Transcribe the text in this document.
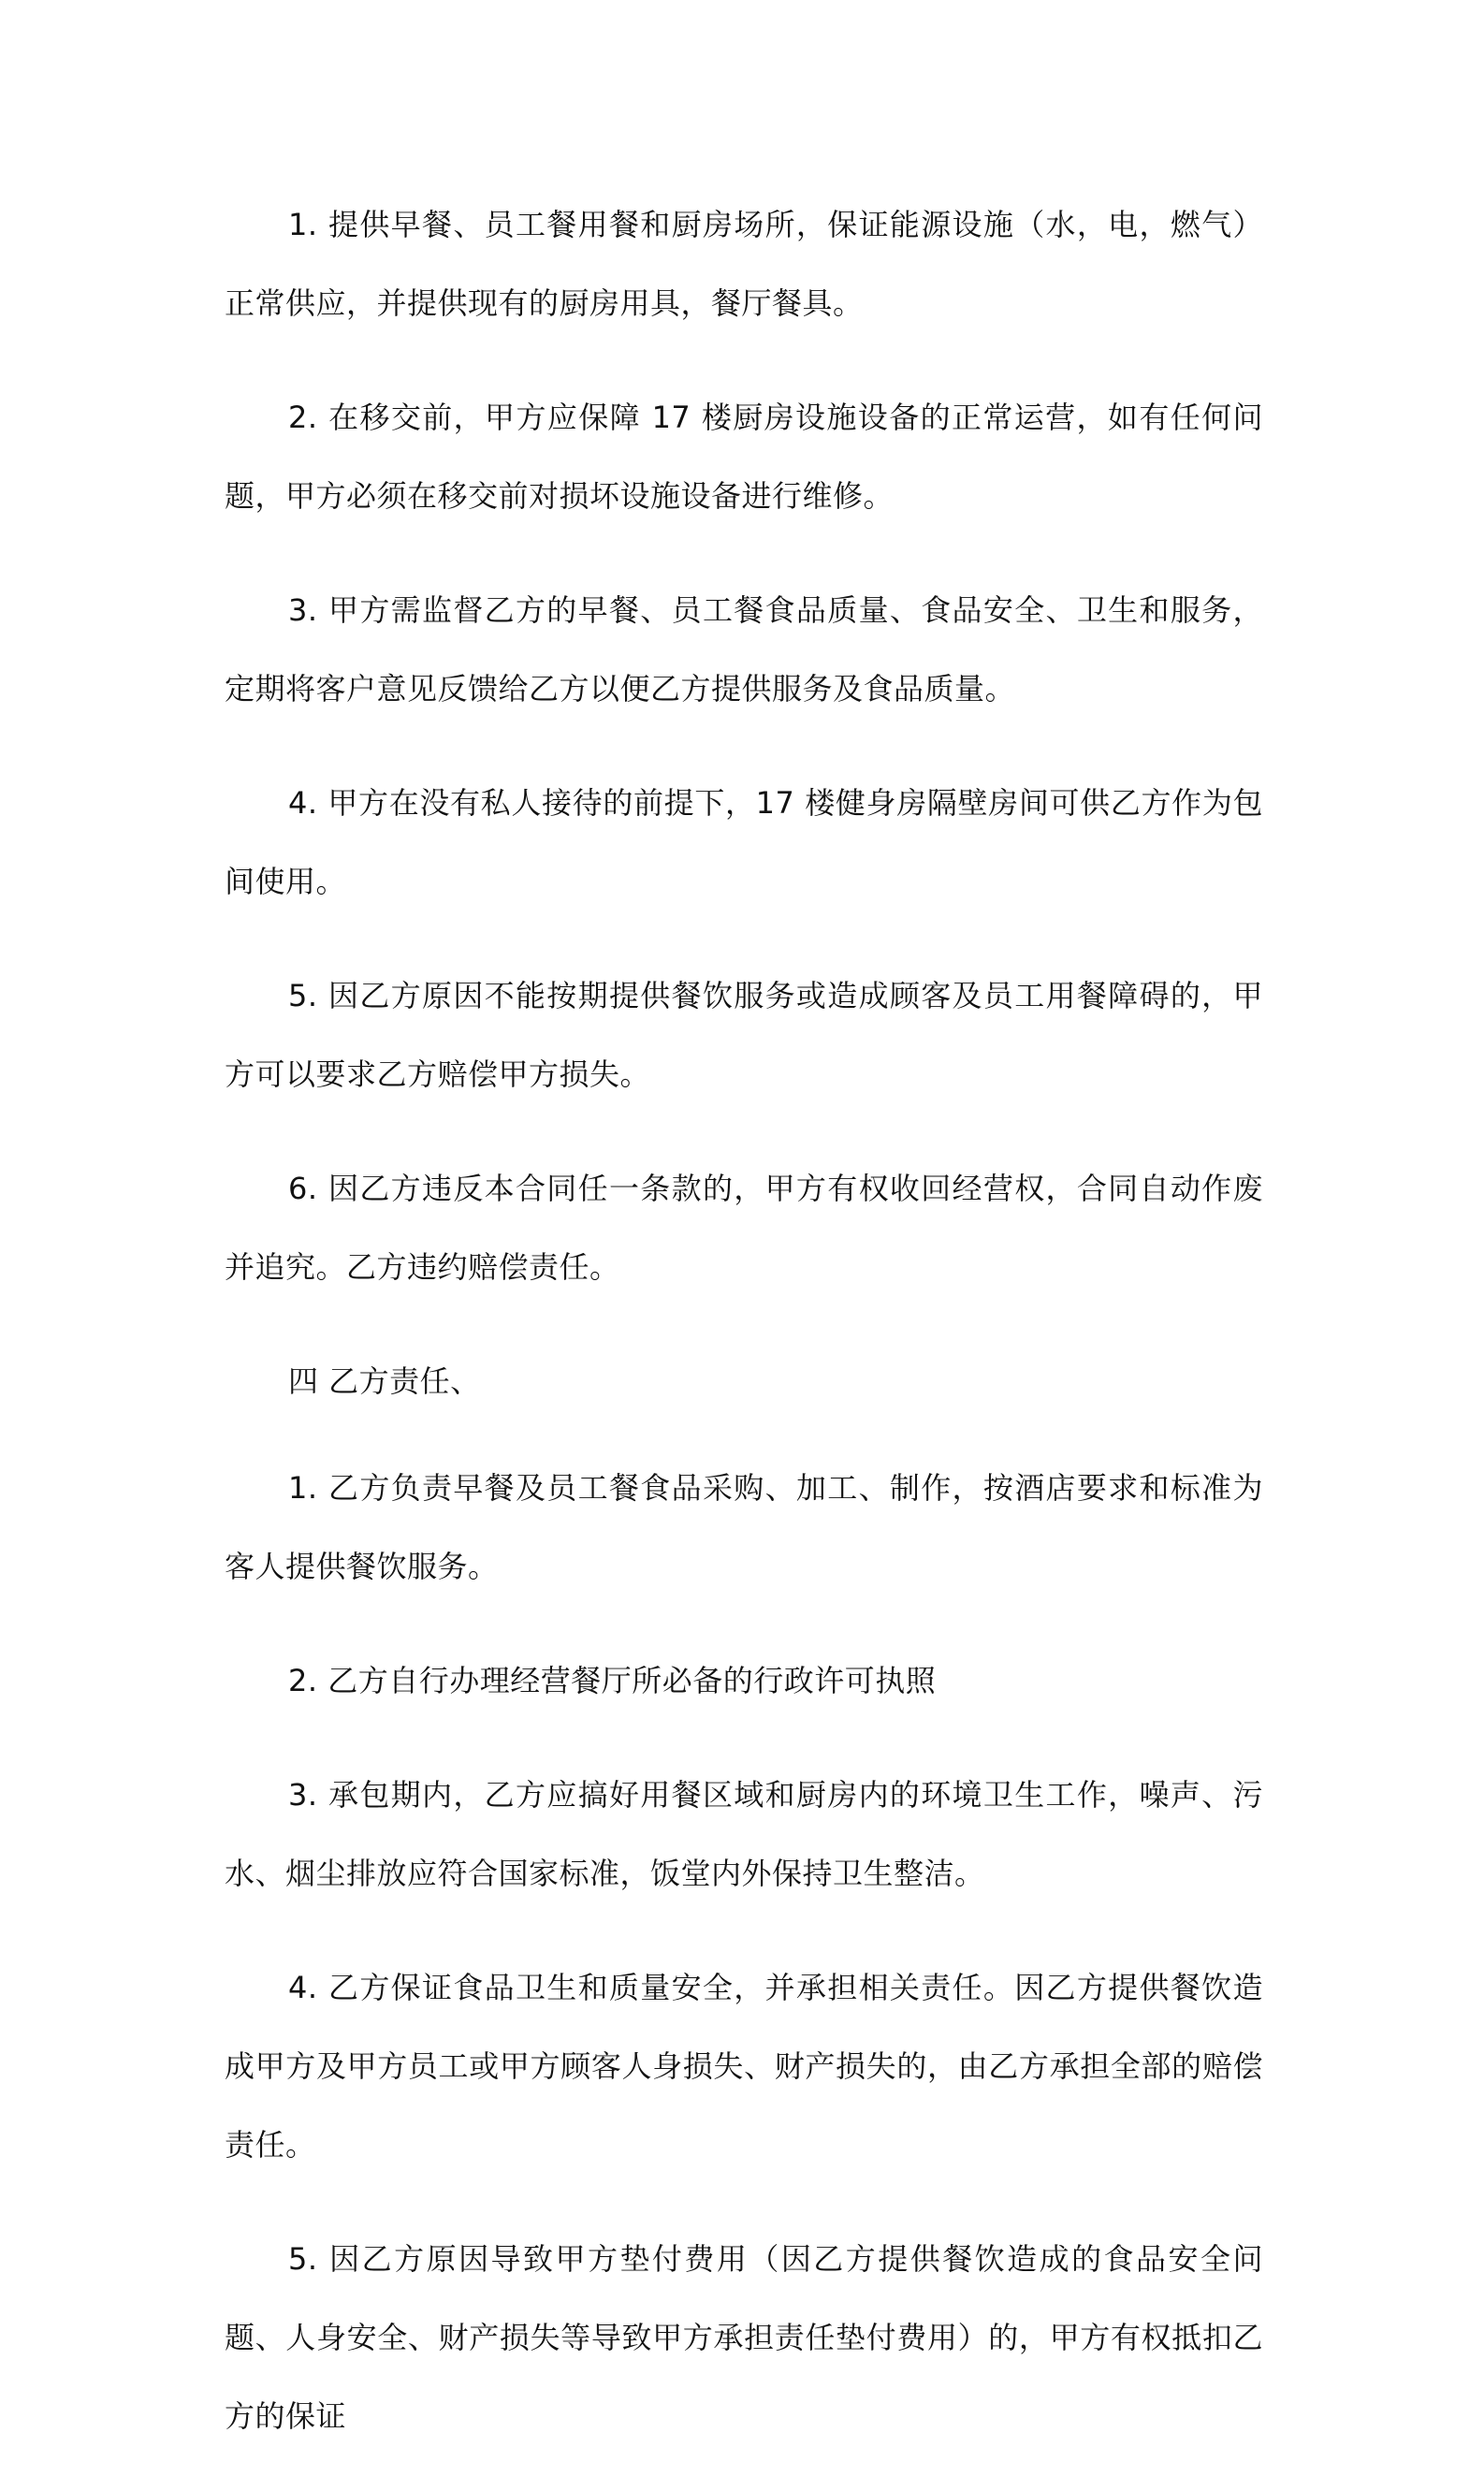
1. 提供早餐、员工餐用餐和厨房场所，保证能源设施（水，电，燃气）正常供应，并提供现有的厨房用具，餐厅餐具。

2. 在移交前，甲方应保障 17 楼厨房设施设备的正常运营，如有任何问题，甲方必须在移交前对损坏设施设备进行维修。

3. 甲方需监督乙方的早餐、员工餐食品质量、食品安全、卫生和服务，定期将客户意见反馈给乙方以便乙方提供服务及食品质量。

4. 甲方在没有私人接待的前提下，17 楼健身房隔壁房间可供乙方作为包间使用。

5. 因乙方原因不能按期提供餐饮服务或造成顾客及员工用餐障碍的，甲方可以要求乙方赔偿甲方损失。

6. 因乙方违反本合同任一条款的，甲方有权收回经营权，合同自动作废并追究。乙方违约赔偿责任。

四 乙方责任、

1. 乙方负责早餐及员工餐食品采购、加工、制作，按酒店要求和标准为客人提供餐饮服务。

2. 乙方自行办理经营餐厅所必备的行政许可执照

3. 承包期内，乙方应搞好用餐区域和厨房内的环境卫生工作，噪声、污水、烟尘排放应符合国家标准，饭堂内外保持卫生整洁。

4. 乙方保证食品卫生和质量安全，并承担相关责任。因乙方提供餐饮造成甲方及甲方员工或甲方顾客人身损失、财产损失的，由乙方承担全部的赔偿责任。

5. 因乙方原因导致甲方垫付费用（因乙方提供餐饮造成的食品安全问题、人身安全、财产损失等导致甲方承担责任垫付费用）的，甲方有权抵扣乙方的保证
